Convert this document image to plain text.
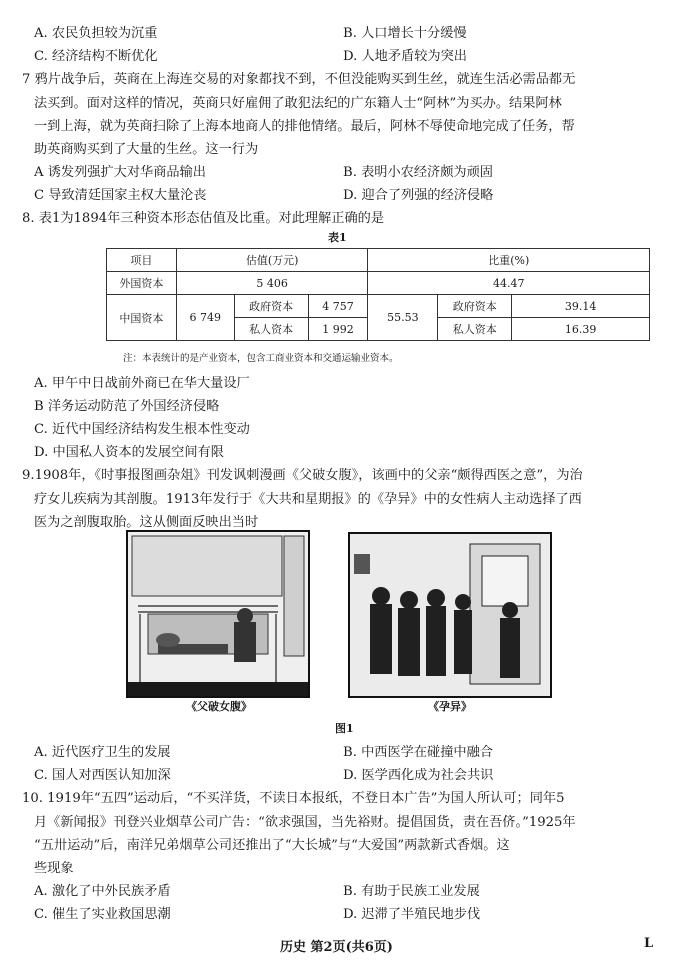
A. 农民负担较为沉重	B. 人口增长十分缓慢
C. 经济结构不断优化	D. 人地矛盾较为突出
7 鸦片战争后，英商在上海连交易的对象都找不到，不但没能购买到生丝，就连生活必需品都无
法买到。面对这样的情况，英商只好雇佣了敢犯法纪的广东籍人士“阿林”为买办。结果阿林
一到上海，就为英商扫除了上海本地商人的排他情绪。最后，阿林不辱使命地完成了任务，帮
助英商购买到了大量的生丝。这一行为
A 诱发列强扩大对华商品输出	B. 表明小农经济颇为顽固
C 导致清廷国家主权大量沦丧	D. 迎合了列强的经济侵略
8. 表1为1894年三种资本形态估值及比重。对此理解正确的是
表1
项目	估值(万元)			比重(%)		
外国资本	5 406			44.47		
中国资本	6 749	政府资本	4 757	55.53	政府资本	39.14
		私人资本	1 992		私人资本	16.39
注：本表统计的是产业资本，包含工商业资本和交通运输业资本。
A. 甲午中日战前外商已在华大量设厂
B 洋务运动防范了外国经济侵略
C. 近代中国经济结构发生根本性变动
D. 中国私人资本的发展空间有限
9.1908年，《时事报图画杂俎》刊发讽刺漫画《父破女腹》，该画中的父亲“颇得西医之意”，为治
疗女儿疾病为其剖腹。1913年发行于《大共和星期报》的《孕异》中的女性病人主动选择了西
医为之剖腹取胎。这从侧面反映出当时
《父破女腹》	《孕异》
图1
A. 近代医疗卫生的发展	B. 中西医学在碰撞中融合
C. 国人对西医认知加深	D. 医学西化成为社会共识
10. 1919年“五四”运动后，“不买洋货，不读日本报纸，不登日本广告”为国人所认可；同年5
月《新闻报》刊登兴业烟草公司广告：“欲求强国，当先裕财。提倡国货，责在吾侪。”1925年
“五卅运动”后，南洋兄弟烟草公司还推出了“大长城”与“大爱国”两款新式香烟。这
些现象
A. 激化了中外民族矛盾	B. 有助于民族工业发展
C. 催生了实业救国思潮	D. 迟滞了半殖民地步伐
历史 第2页(共6页)	L
